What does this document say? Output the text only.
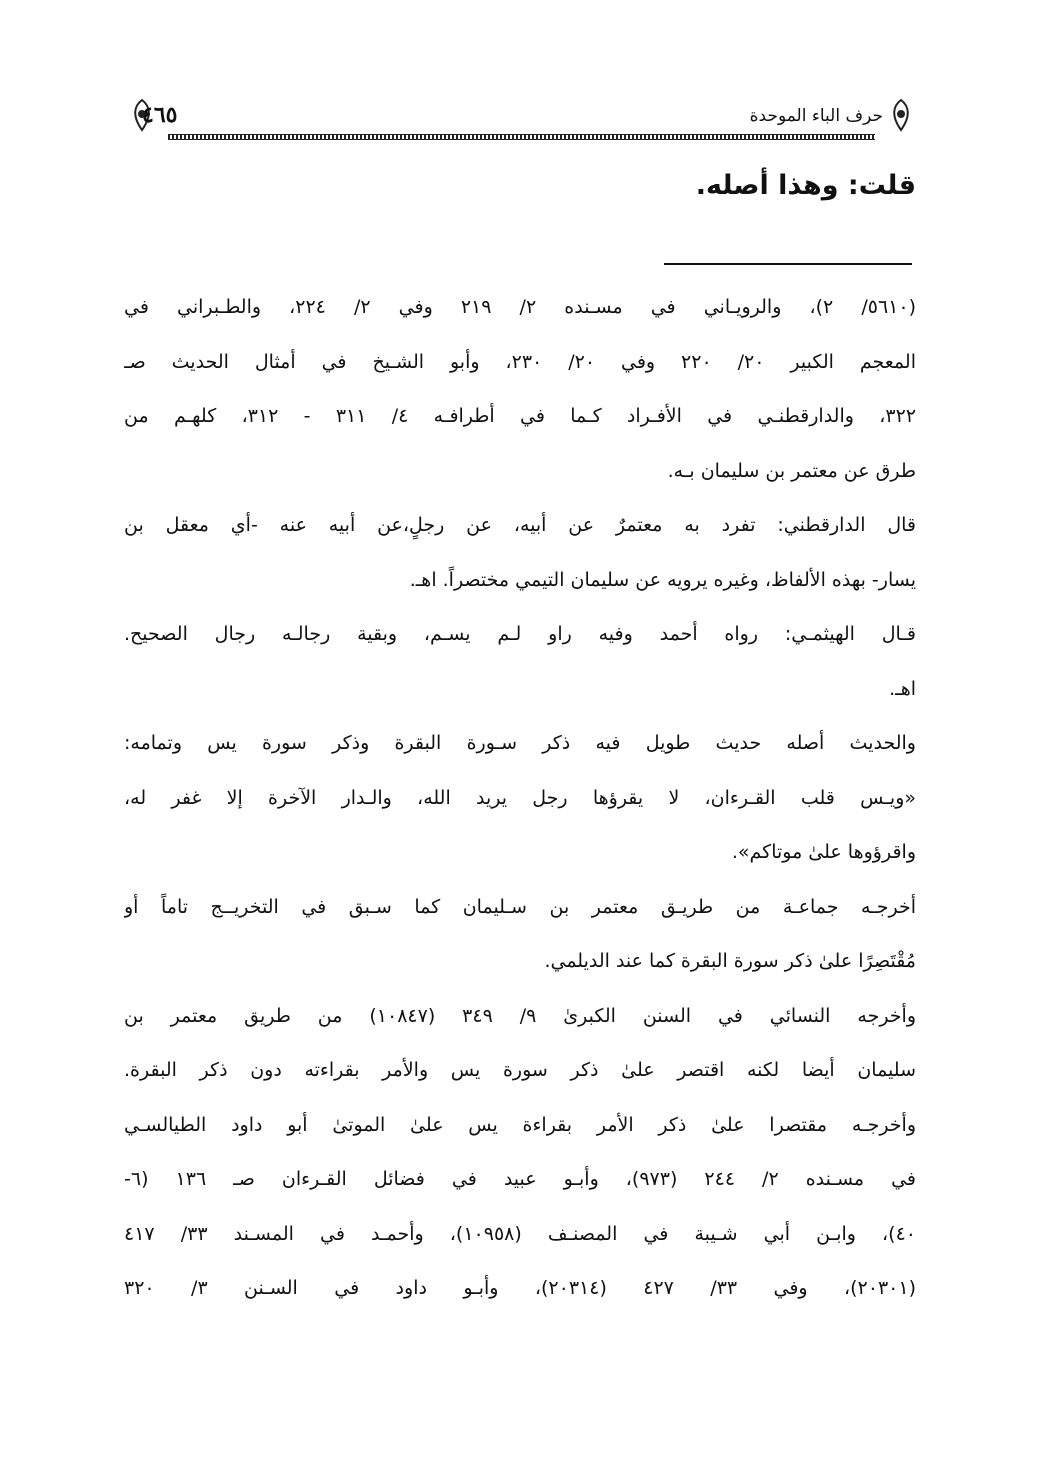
٤٦٥	حرف الباء الموحدة
قلت: وهذا أصله.
(٥٦١٠/ ٢)، والرويـاني في مسـنده ٢/ ٢١٩ وفي ٢/ ٢٢٤، والطـبراني في
المعجم الكبير ٢٠/ ٢٢٠ وفي ٢٠/ ٢٣٠، وأبو الشـيخ في أمثال الحديث صـ
٣٢٢، والدارقطنـي في الأفـراد كـما في أطرافـه ٤/ ٣١١ - ٣١٢، كلهـم من
طرق عن معتمر بن سليمان بـه.
قال الدارقطني: تفرد به معتمرٌ عن أبيه، عن رجلٍ،عن أبيه عنه -أي معقل بن
يسار- بهذه الألفاظ، وغيره يرويه عن سليمان التيمي مختصراً. اهـ.
قـال الهيثمـي: رواه أحمد وفيه راو لـم يسـم، وبقية رجالـه رجال الصحيح.
اهـ.
والحديث أصله حديث طويل فيه ذكر سـورة البقرة وذكر سورة يس وتمامه:
«ويـس قلب القـرءان، لا يقرؤها رجل يريد الله، والـدار الآخرة إلا غفر له،
واقرؤوها علىٰ موتاكم».
أخرجـه جماعـة من طريـق معتمر بن سـليمان كما سـبق في التخريــج تاماً أو
مُقْتَصِرًا علىٰ ذكر سورة البقرة كما عند الديلمي.
وأخرجه النسائي في السنن الكبرىٰ ٩/ ٣٤٩ (١٠٨٤٧) من طريق معتمر بن
سليمان أيضا لكنه اقتصر علىٰ ذكر سورة يس والأمر بقراءته دون ذكر البقرة.
وأخرجـه مقتصرا علىٰ ذكر الأمر بقراءة يس علىٰ الموتىٰ أبو داود الطيالسـي
في مسـنده ٢/ ٢٤٤ (٩٧٣)، وأبـو عبيد في فضائل القـرءان صـ ١٣٦ (٦-
٤٠)، وابـن أبي شـيبة في المصنـف (١٠٩٥٨)، وأحمـد في المسـند ٣٣/ ٤١٧
(٢٠٣٠١)، وفي ٣٣/ ٤٢٧ (٢٠٣١٤)، وأبـو داود في السـنن ٣/ ٣٢٠
